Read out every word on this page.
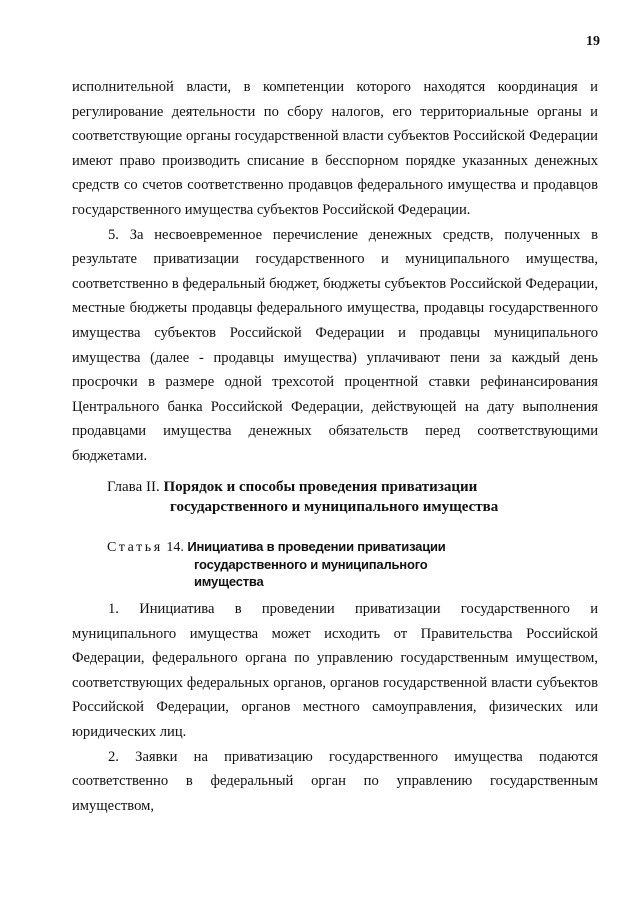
19

исполнительной власти, в компетенции которого находятся координация и регулирование деятельности по сбору налогов, его территориальные органы и соответствующие органы государственной власти субъектов Российской Федерации имеют право производить списание в бесспорном порядке указанных денежных средств со счетов соответственно продавцов федерального имущества и продавцов государственного имущества субъектов Российской Федерации.

5. За несвоевременное перечисление денежных средств, полученных в результате приватизации государственного и муниципального имущества, соответственно в федеральный бюджет, бюджеты субъектов Российской Федерации, местные бюджеты продавцы федерального имущества, продавцы государственного имущества субъектов Российской Федерации и продавцы муниципального имущества (далее - продавцы имущества) уплачивают пени за каждый день просрочки в размере одной трехсотой процентной ставки рефинансирования Центрального банка Российской Федерации, действующей на дату выполнения продавцами имущества денежных обязательств перед соответствующими бюджетами.

Глава II. Порядок и способы проведения приватизации
государственного и муниципального имущества
Статья 14. Инициатива в проведении приватизации
государственного и муниципального
имущества

1. Инициатива в проведении приватизации государственного и муниципального имущества может исходить от Правительства Российской Федерации, федерального органа по управлению государственным имуществом, соответствующих федеральных органов, органов государственной власти субъектов Российской Федерации, органов местного самоуправления, физических или юридических лиц.

2. Заявки на приватизацию государственного имущества подаются соответственно в федеральный орган по управлению государственным имуществом,
